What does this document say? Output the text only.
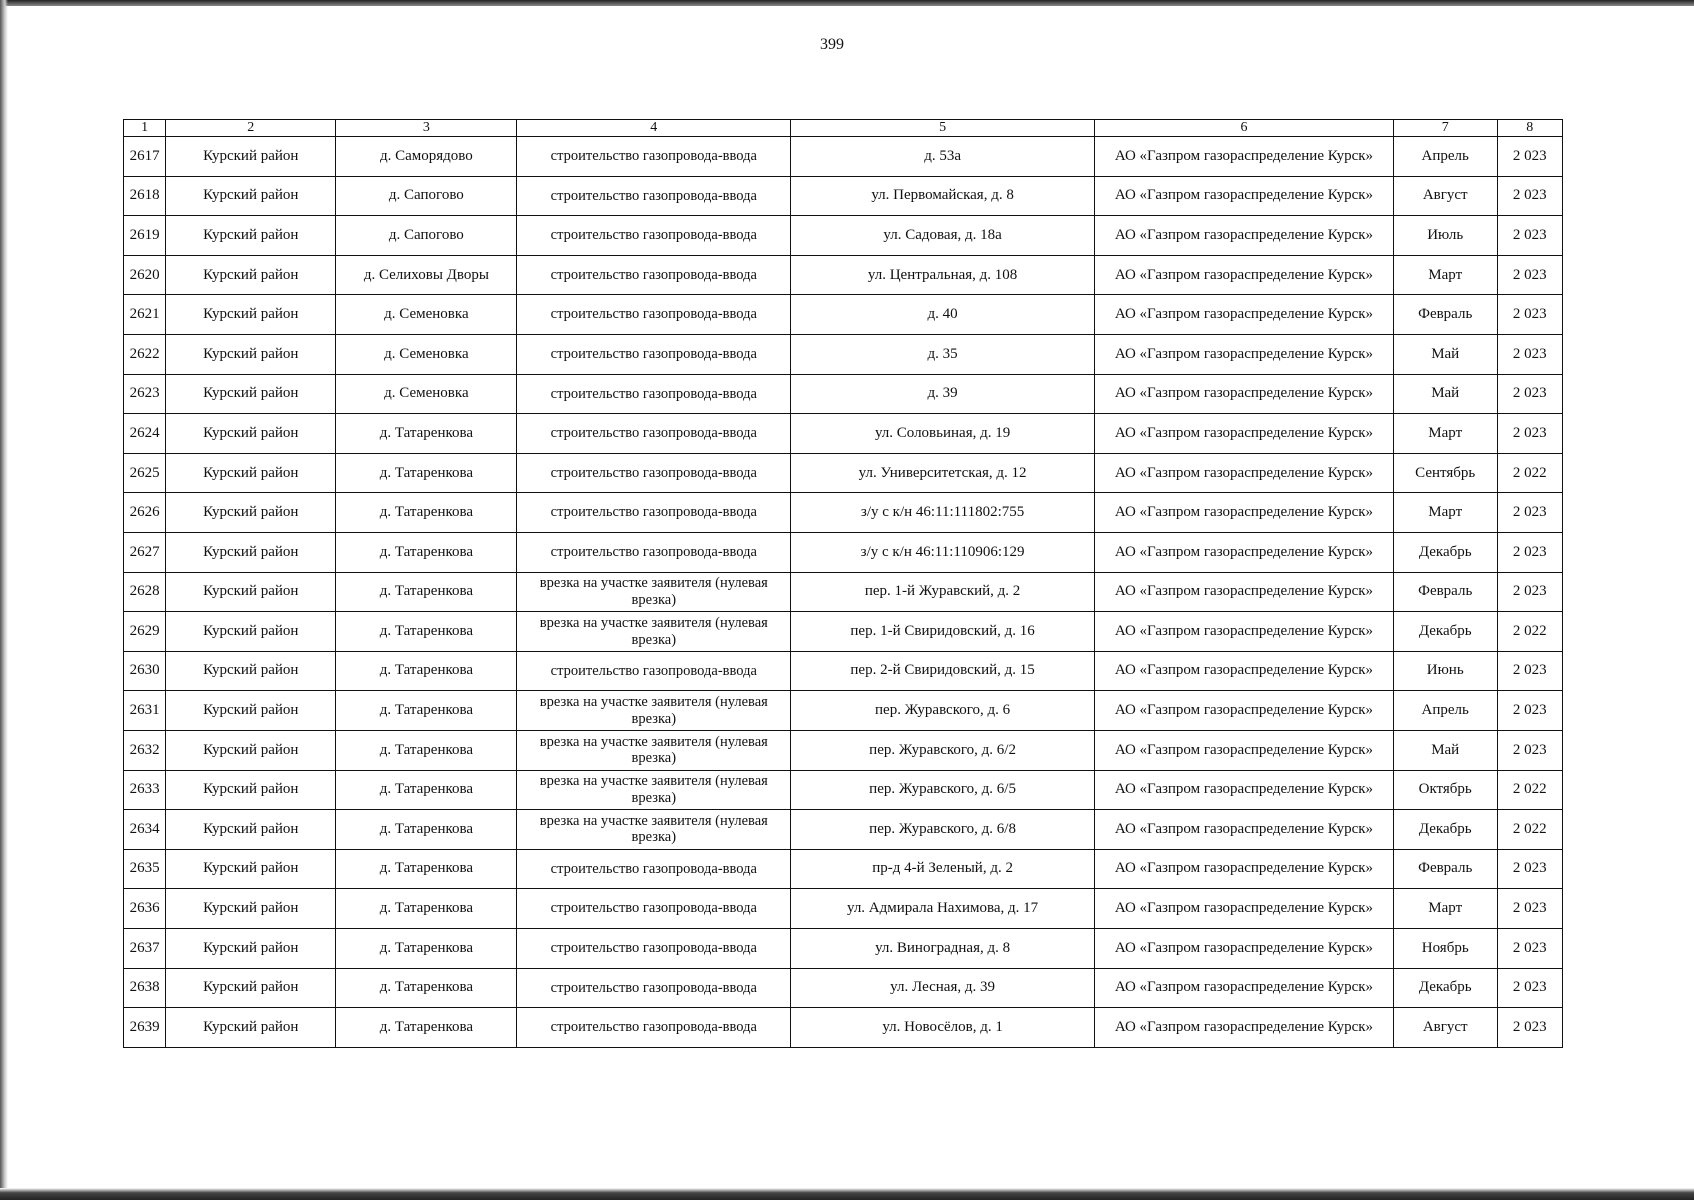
399
1	2	3	4	5	6	7	8
2617	Курский район	д. Саморядово	строительство газопровода-ввода	д. 53а	АО «Газпром газораспределение Курск»	Апрель	2 023
2618	Курский район	д. Сапогово	строительство газопровода-ввода	ул. Первомайская, д. 8	АО «Газпром газораспределение Курск»	Август	2 023
2619	Курский район	д. Сапогово	строительство газопровода-ввода	ул. Садовая, д. 18а	АО «Газпром газораспределение Курск»	Июль	2 023
2620	Курский район	д. Селиховы Дворы	строительство газопровода-ввода	ул. Центральная, д. 108	АО «Газпром газораспределение Курск»	Март	2 023
2621	Курский район	д. Семеновка	строительство газопровода-ввода	д. 40	АО «Газпром газораспределение Курск»	Февраль	2 023
2622	Курский район	д. Семеновка	строительство газопровода-ввода	д. 35	АО «Газпром газораспределение Курск»	Май	2 023
2623	Курский район	д. Семеновка	строительство газопровода-ввода	д. 39	АО «Газпром газораспределение Курск»	Май	2 023
2624	Курский район	д. Татаренкова	строительство газопровода-ввода	ул. Соловьиная, д. 19	АО «Газпром газораспределение Курск»	Март	2 023
2625	Курский район	д. Татаренкова	строительство газопровода-ввода	ул. Университетская, д. 12	АО «Газпром газораспределение Курск»	Сентябрь	2 022
2626	Курский район	д. Татаренкова	строительство газопровода-ввода	з/у с к/н 46:11:111802:755	АО «Газпром газораспределение Курск»	Март	2 023
2627	Курский район	д. Татаренкова	строительство газопровода-ввода	з/у с к/н 46:11:110906:129	АО «Газпром газораспределение Курск»	Декабрь	2 023
2628	Курский район	д. Татаренкова	врезка на участке заявителя (нулевая врезка)	пер. 1-й Журавский, д. 2	АО «Газпром газораспределение Курск»	Февраль	2 023
2629	Курский район	д. Татаренкова	врезка на участке заявителя (нулевая врезка)	пер. 1-й Свиридовский, д. 16	АО «Газпром газораспределение Курск»	Декабрь	2 022
2630	Курский район	д. Татаренкова	строительство газопровода-ввода	пер. 2-й Свиридовский, д. 15	АО «Газпром газораспределение Курск»	Июнь	2 023
2631	Курский район	д. Татаренкова	врезка на участке заявителя (нулевая врезка)	пер. Журавского, д. 6	АО «Газпром газораспределение Курск»	Апрель	2 023
2632	Курский район	д. Татаренкова	врезка на участке заявителя (нулевая врезка)	пер. Журавского, д. 6/2	АО «Газпром газораспределение Курск»	Май	2 023
2633	Курский район	д. Татаренкова	врезка на участке заявителя (нулевая врезка)	пер. Журавского, д. 6/5	АО «Газпром газораспределение Курск»	Октябрь	2 022
2634	Курский район	д. Татаренкова	врезка на участке заявителя (нулевая врезка)	пер. Журавского, д. 6/8	АО «Газпром газораспределение Курск»	Декабрь	2 022
2635	Курский район	д. Татаренкова	строительство газопровода-ввода	пр-д 4-й Зеленый, д. 2	АО «Газпром газораспределение Курск»	Февраль	2 023
2636	Курский район	д. Татаренкова	строительство газопровода-ввода	ул. Адмирала Нахимова, д. 17	АО «Газпром газораспределение Курск»	Март	2 023
2637	Курский район	д. Татаренкова	строительство газопровода-ввода	ул. Виноградная, д. 8	АО «Газпром газораспределение Курск»	Ноябрь	2 023
2638	Курский район	д. Татаренкова	строительство газопровода-ввода	ул. Лесная, д. 39	АО «Газпром газораспределение Курск»	Декабрь	2 023
2639	Курский район	д. Татаренкова	строительство газопровода-ввода	ул. Новосёлов, д. 1	АО «Газпром газораспределение Курск»	Август	2 023
